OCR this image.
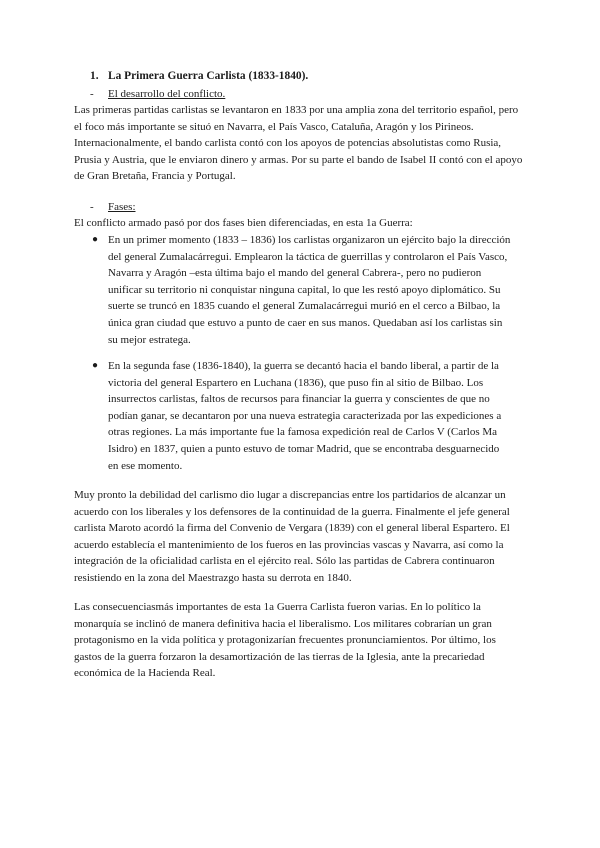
1. La Primera Guerra Carlista (1833-1840).
- El desarrollo del conflicto.

Las primeras partidas carlistas se levantaron en 1833 por una amplia zona del territorio español, pero el foco más importante se situó en Navarra, el País Vasco, Cataluña, Aragón y los Pirineos. Internacionalmente, el bando carlista contó con los apoyos de potencias absolutistas como Rusia, Prusia y Austria, que le enviaron dinero y armas. Por su parte el bando de Isabel II contó con el apoyo de Gran Bretaña, Francia y Portugal.

- Fases:

El conflicto armado pasó por dos fases bien diferenciadas, en esta 1a Guerra:

● En un primer momento (1833 – 1836) los carlistas organizaron un ejército bajo la dirección del general Zumalacárregui. Emplearon la táctica de guerrillas y controlaron el País Vasco, Navarra y Aragón –esta última bajo el mando del general Cabrera-, pero no pudieron unificar su territorio ni conquistar ninguna capital, lo que les restó apoyo diplomático. Su suerte se truncó en 1835 cuando el general Zumalacárregui murió en el cerco a Bilbao, la única gran ciudad que estuvo a punto de caer en sus manos. Quedaban así los carlistas sin su mejor estratega.

● En la segunda fase (1836-1840), la guerra se decantó hacia el bando liberal, a partir de la victoria del general Espartero en Luchana (1836), que puso fin al sitio de Bilbao. Los insurrectos carlistas, faltos de recursos para financiar la guerra y conscientes de que no podían ganar, se decantaron por una nueva estrategia caracterizada por las expediciones a otras regiones. La más importante fue la famosa expedición real de Carlos V (Carlos Ma Isidro) en 1837, quien a punto estuvo de tomar Madrid, que se encontraba desguarnecido en ese momento.

Muy pronto la debilidad del carlismo dio lugar a discrepancias entre los partidarios de alcanzar un acuerdo con los liberales y los defensores de la continuidad de la guerra. Finalmente el jefe general carlista Maroto acordó la firma del Convenio de Vergara (1839) con el general liberal Espartero. El acuerdo establecía el mantenimiento de los fueros en las provincias vascas y Navarra, así como la integración de la oficialidad carlista en el ejército real. Sólo las partidas de Cabrera continuaron resistiendo en la zona del Maestrazgo hasta su derrota en 1840.

Las consecuenciasmás importantes de esta 1a Guerra Carlista fueron varias. En lo político la monarquía se inclinó de manera definitiva hacia el liberalismo. Los militares cobrarían un gran protagonismo en la vida política y protagonizarían frecuentes pronunciamientos. Por último, los gastos de la guerra forzaron la desamortización de las tierras de la Iglesia, ante la precariedad económica de la Hacienda Real.
